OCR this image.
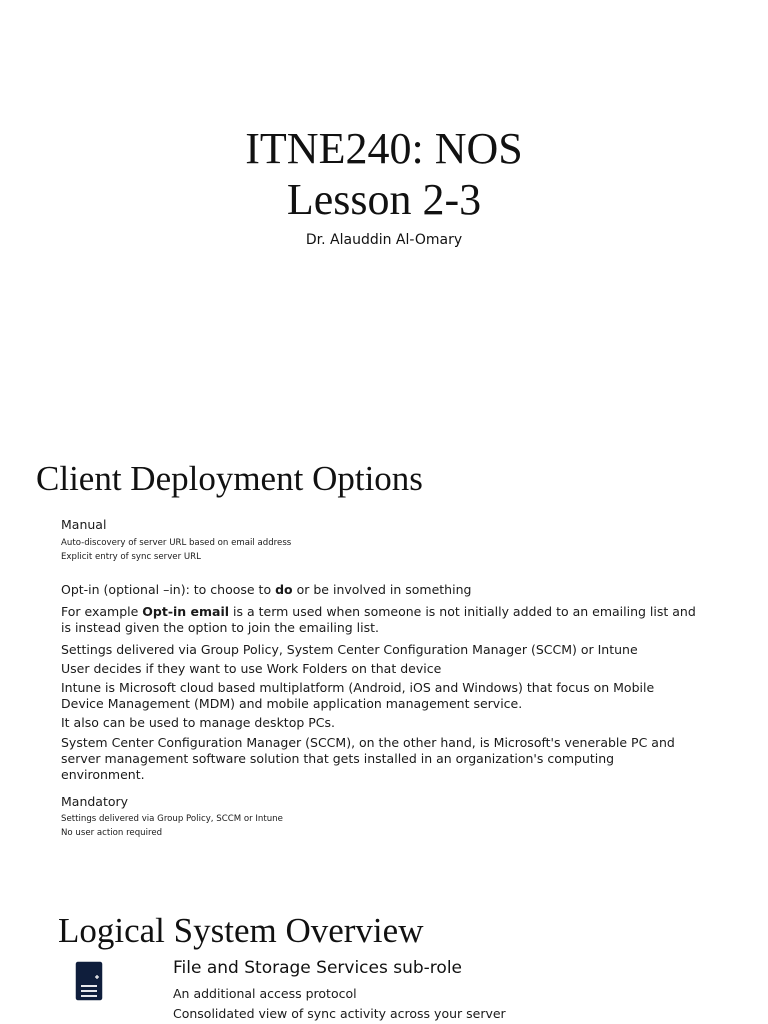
ITNE240: NOS
Lesson 2-3
Dr. Alauddin Al-Omary
Client Deployment Options
Manual
Auto-discovery of server URL based on email address
Explicit entry of sync server URL
Opt-in (optional –in): to choose to do or be involved in something
For example Opt-in email is a term used when someone is not initially added to an emailing list and is instead given the option to join the emailing list.
Settings delivered via Group Policy, System Center Configuration Manager (SCCM) or Intune
User decides if they want to use Work Folders on that device
Intune is Microsoft cloud based multiplatform (Android, iOS and Windows) that focus on Mobile Device Management (MDM) and mobile application management service.
It also can be used to manage desktop PCs.
System Center Configuration Manager (SCCM), on the other hand, is Microsoft's venerable PC and server management software solution that gets installed in an organization's computing environment.
Mandatory
Settings delivered via Group Policy, SCCM or Intune
No user action required
Logical System Overview
File and Storage Services sub-role
An additional access protocol
Consolidated view of sync activity across your server
